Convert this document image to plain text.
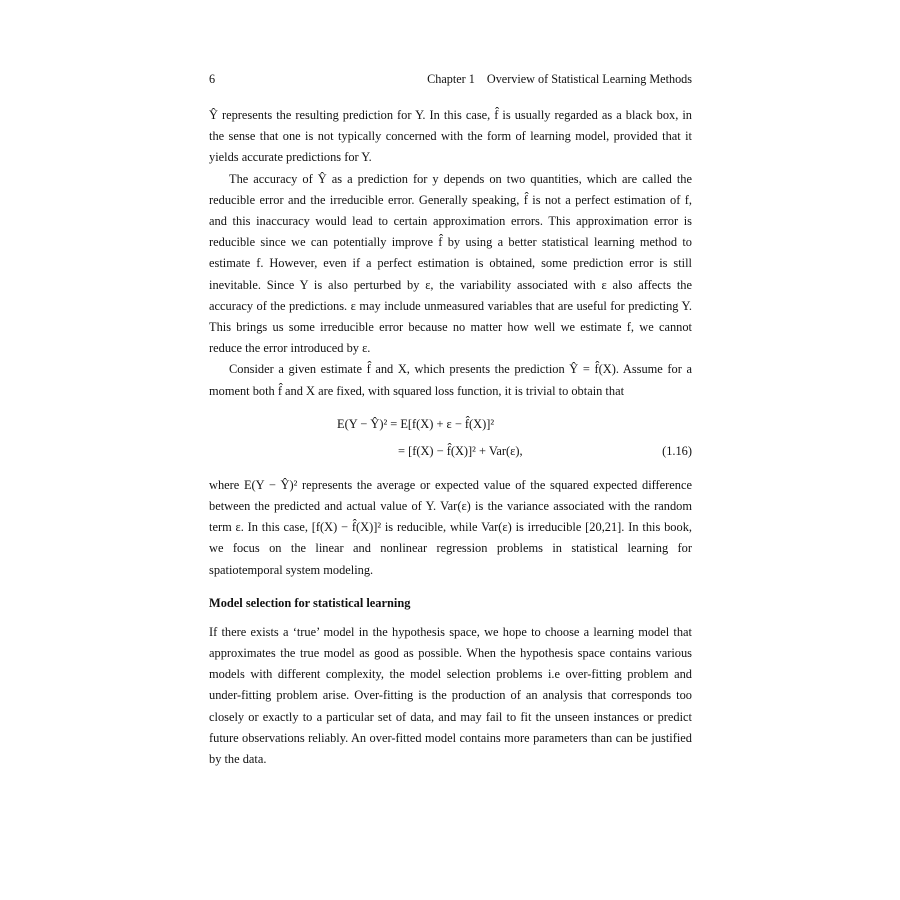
6	Chapter 1 Overview of Statistical Learning Methods

Ŷ represents the resulting prediction for Y. In this case, f̂ is usually regarded as a black box, in the sense that one is not typically concerned with the form of learning model, provided that it yields accurate predictions for Y.

The accuracy of Ŷ as a prediction for y depends on two quantities, which are called the reducible error and the irreducible error. Generally speaking, f̂ is not a perfect estimation of f, and this inaccuracy would lead to certain approximation errors. This approximation error is reducible since we can potentially improve f̂ by using a better statistical learning method to estimate f. However, even if a perfect estimation is obtained, some prediction error is still inevitable. Since Y is also perturbed by ε, the variability associated with ε also affects the accuracy of the predictions. ε may include unmeasured variables that are useful for predicting Y. This brings us some irreducible error because no matter how well we estimate f, we cannot reduce the error introduced by ε.

Consider a given estimate f̂ and X, which presents the prediction Ŷ = f̂(X). Assume for a moment both f̂ and X are fixed, with squared loss function, it is trivial to obtain that

E(Y − Ŷ)² = E[f(X) + ε − f̂(X)]²
= [f(X) − f̂(X)]² + Var(ε),	(1.16)

where E(Y − Ŷ)² represents the average or expected value of the squared expected difference between the predicted and actual value of Y. Var(ε) is the variance associated with the random term ε. In this case, [f(X) − f̂(X)]² is reducible, while Var(ε) is irreducible [20,21]. In this book, we focus on the linear and nonlinear regression problems in statistical learning for spatiotemporal system modeling.

Model selection for statistical learning

If there exists a ‘true’ model in the hypothesis space, we hope to choose a learning model that approximates the true model as good as possible. When the hypothesis space contains various models with different complexity, the model selection problems i.e over-fitting problem and under-fitting problem arise. Over-fitting is the production of an analysis that corresponds too closely or exactly to a particular set of data, and may fail to fit the unseen instances or predict future observations reliably. An over-fitted model contains more parameters than can be justified by the data.
